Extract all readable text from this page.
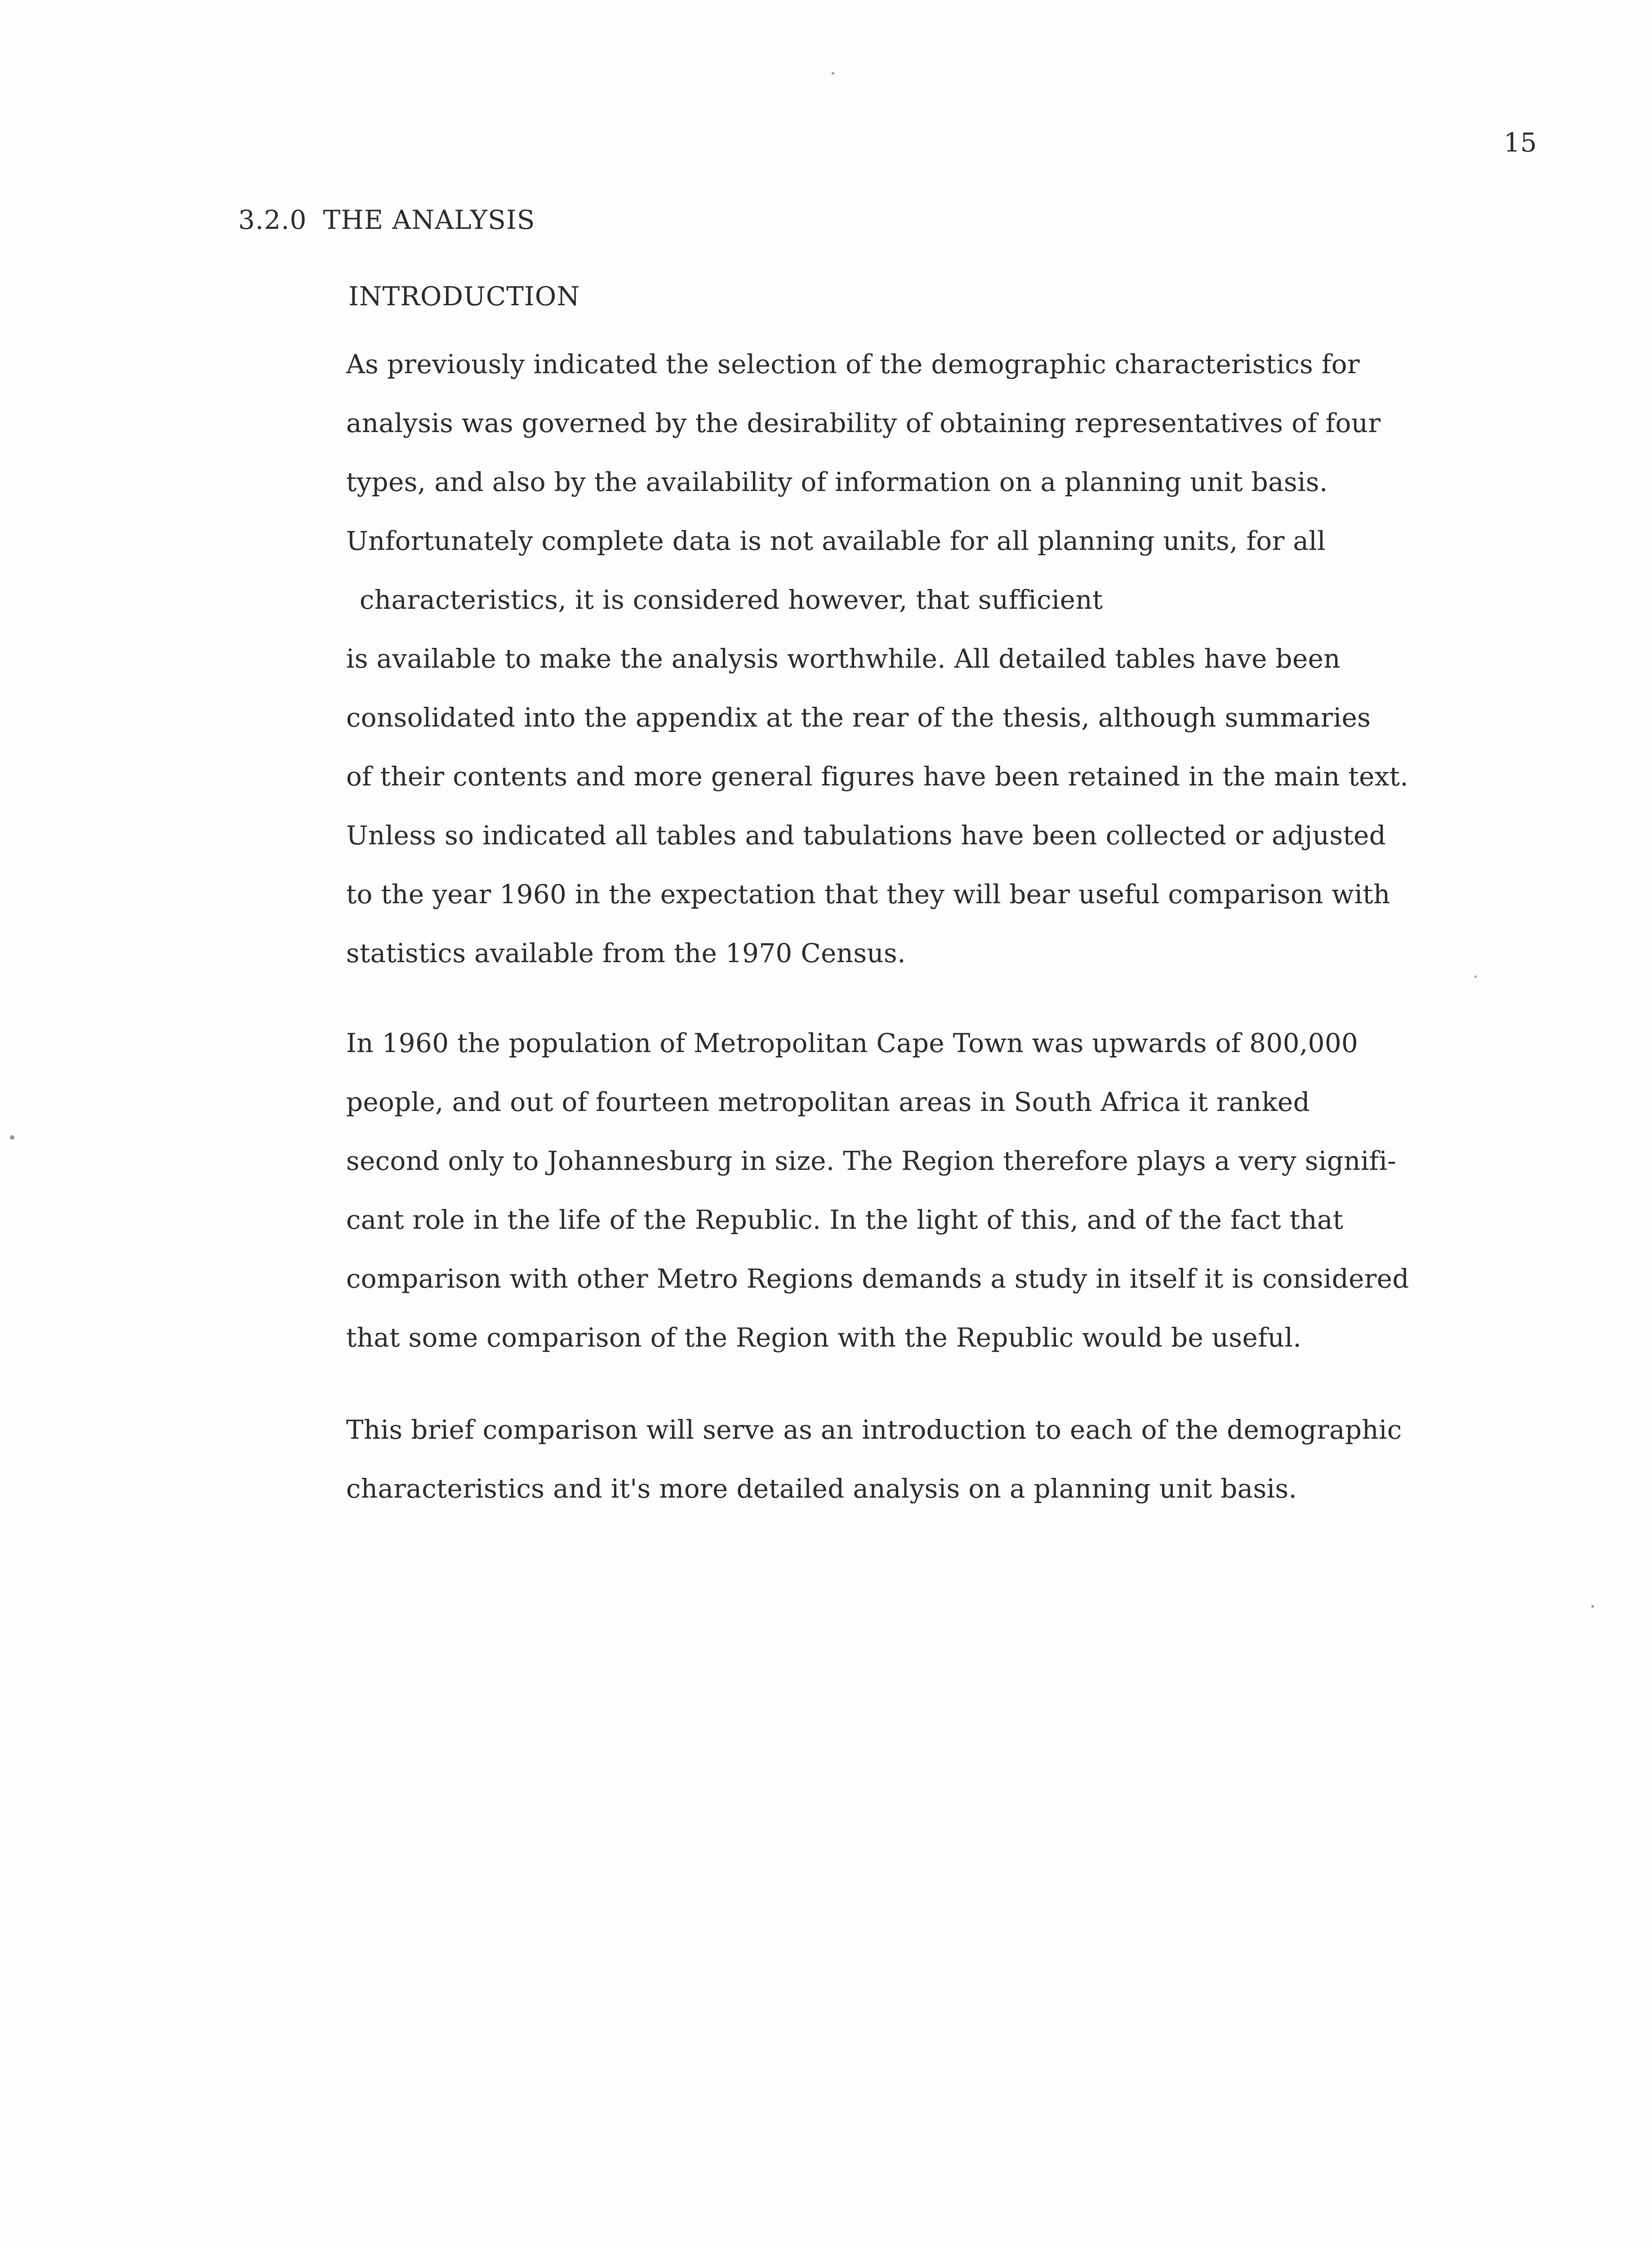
15
3.2.0 THE ANALYSIS
INTRODUCTION
As previously indicated the selection of the demographic characteristics for
analysis was governed by the desirability of obtaining representatives of four
types, and also by the availability of information on a planning unit basis.
Unfortunately complete data is not available for all planning units, for all
characteristics, it is considered however, that sufficient
is available to make the analysis worthwhile. All detailed tables have been
consolidated into the appendix at the rear of the thesis, although summaries
of their contents and more general figures have been retained in the main text.
Unless so indicated all tables and tabulations have been collected or adjusted
to the year 1960 in the expectation that they will bear useful comparison with
statistics available from the 1970 Census.
In 1960 the population of Metropolitan Cape Town was upwards of 800,000
people, and out of fourteen metropolitan areas in South Africa it ranked
second only to Johannesburg in size. The Region therefore plays a very signifi-
cant role in the life of the Republic. In the light of this, and of the fact that
comparison with other Metro Regions demands a study in itself it is considered
that some comparison of the Region with the Republic would be useful.
This brief comparison will serve as an introduction to each of the demographic
characteristics and it's more detailed analysis on a planning unit basis.
